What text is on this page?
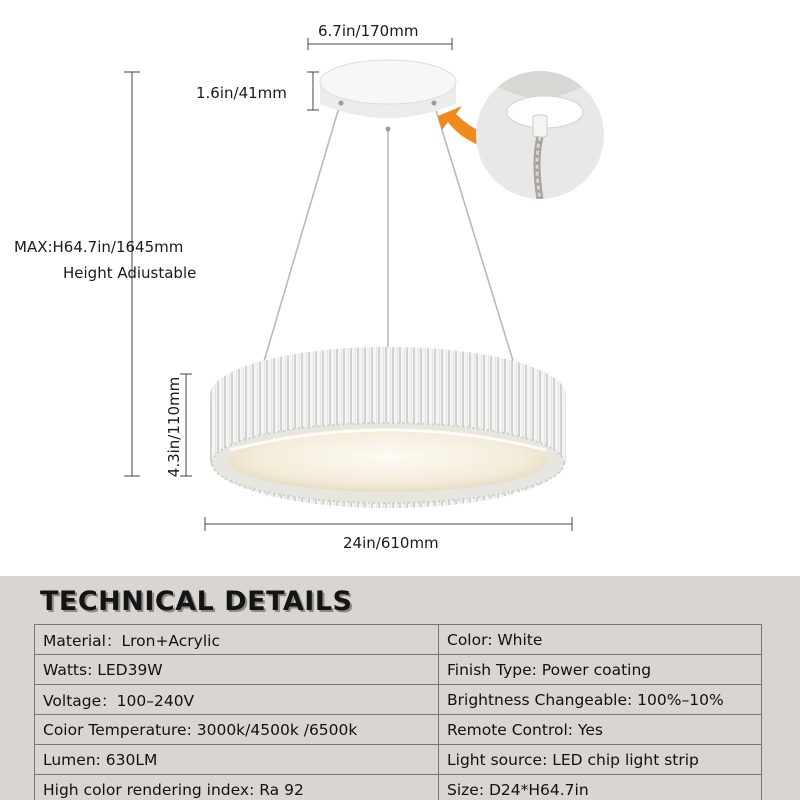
6.7in/170mm
1.6in/41mm
MAX:H64.7in/1645mm
Height Adiustable
4.3in/110mm
24in/610mm
TECHNICAL DETAILS
Material：Lron+Acrylic	Color: White
Watts: LED39W	Finish Type: Power coating
Voltage：100–240V	Brightness Changeable: 100%–10%
Coior Temperature: 3000k/4500k /6500k	Remote Control: Yes
Lumen: 630LM	Light source: LED chip light strip
High color rendering index: Ra 92	Size: D24*H64.7in
